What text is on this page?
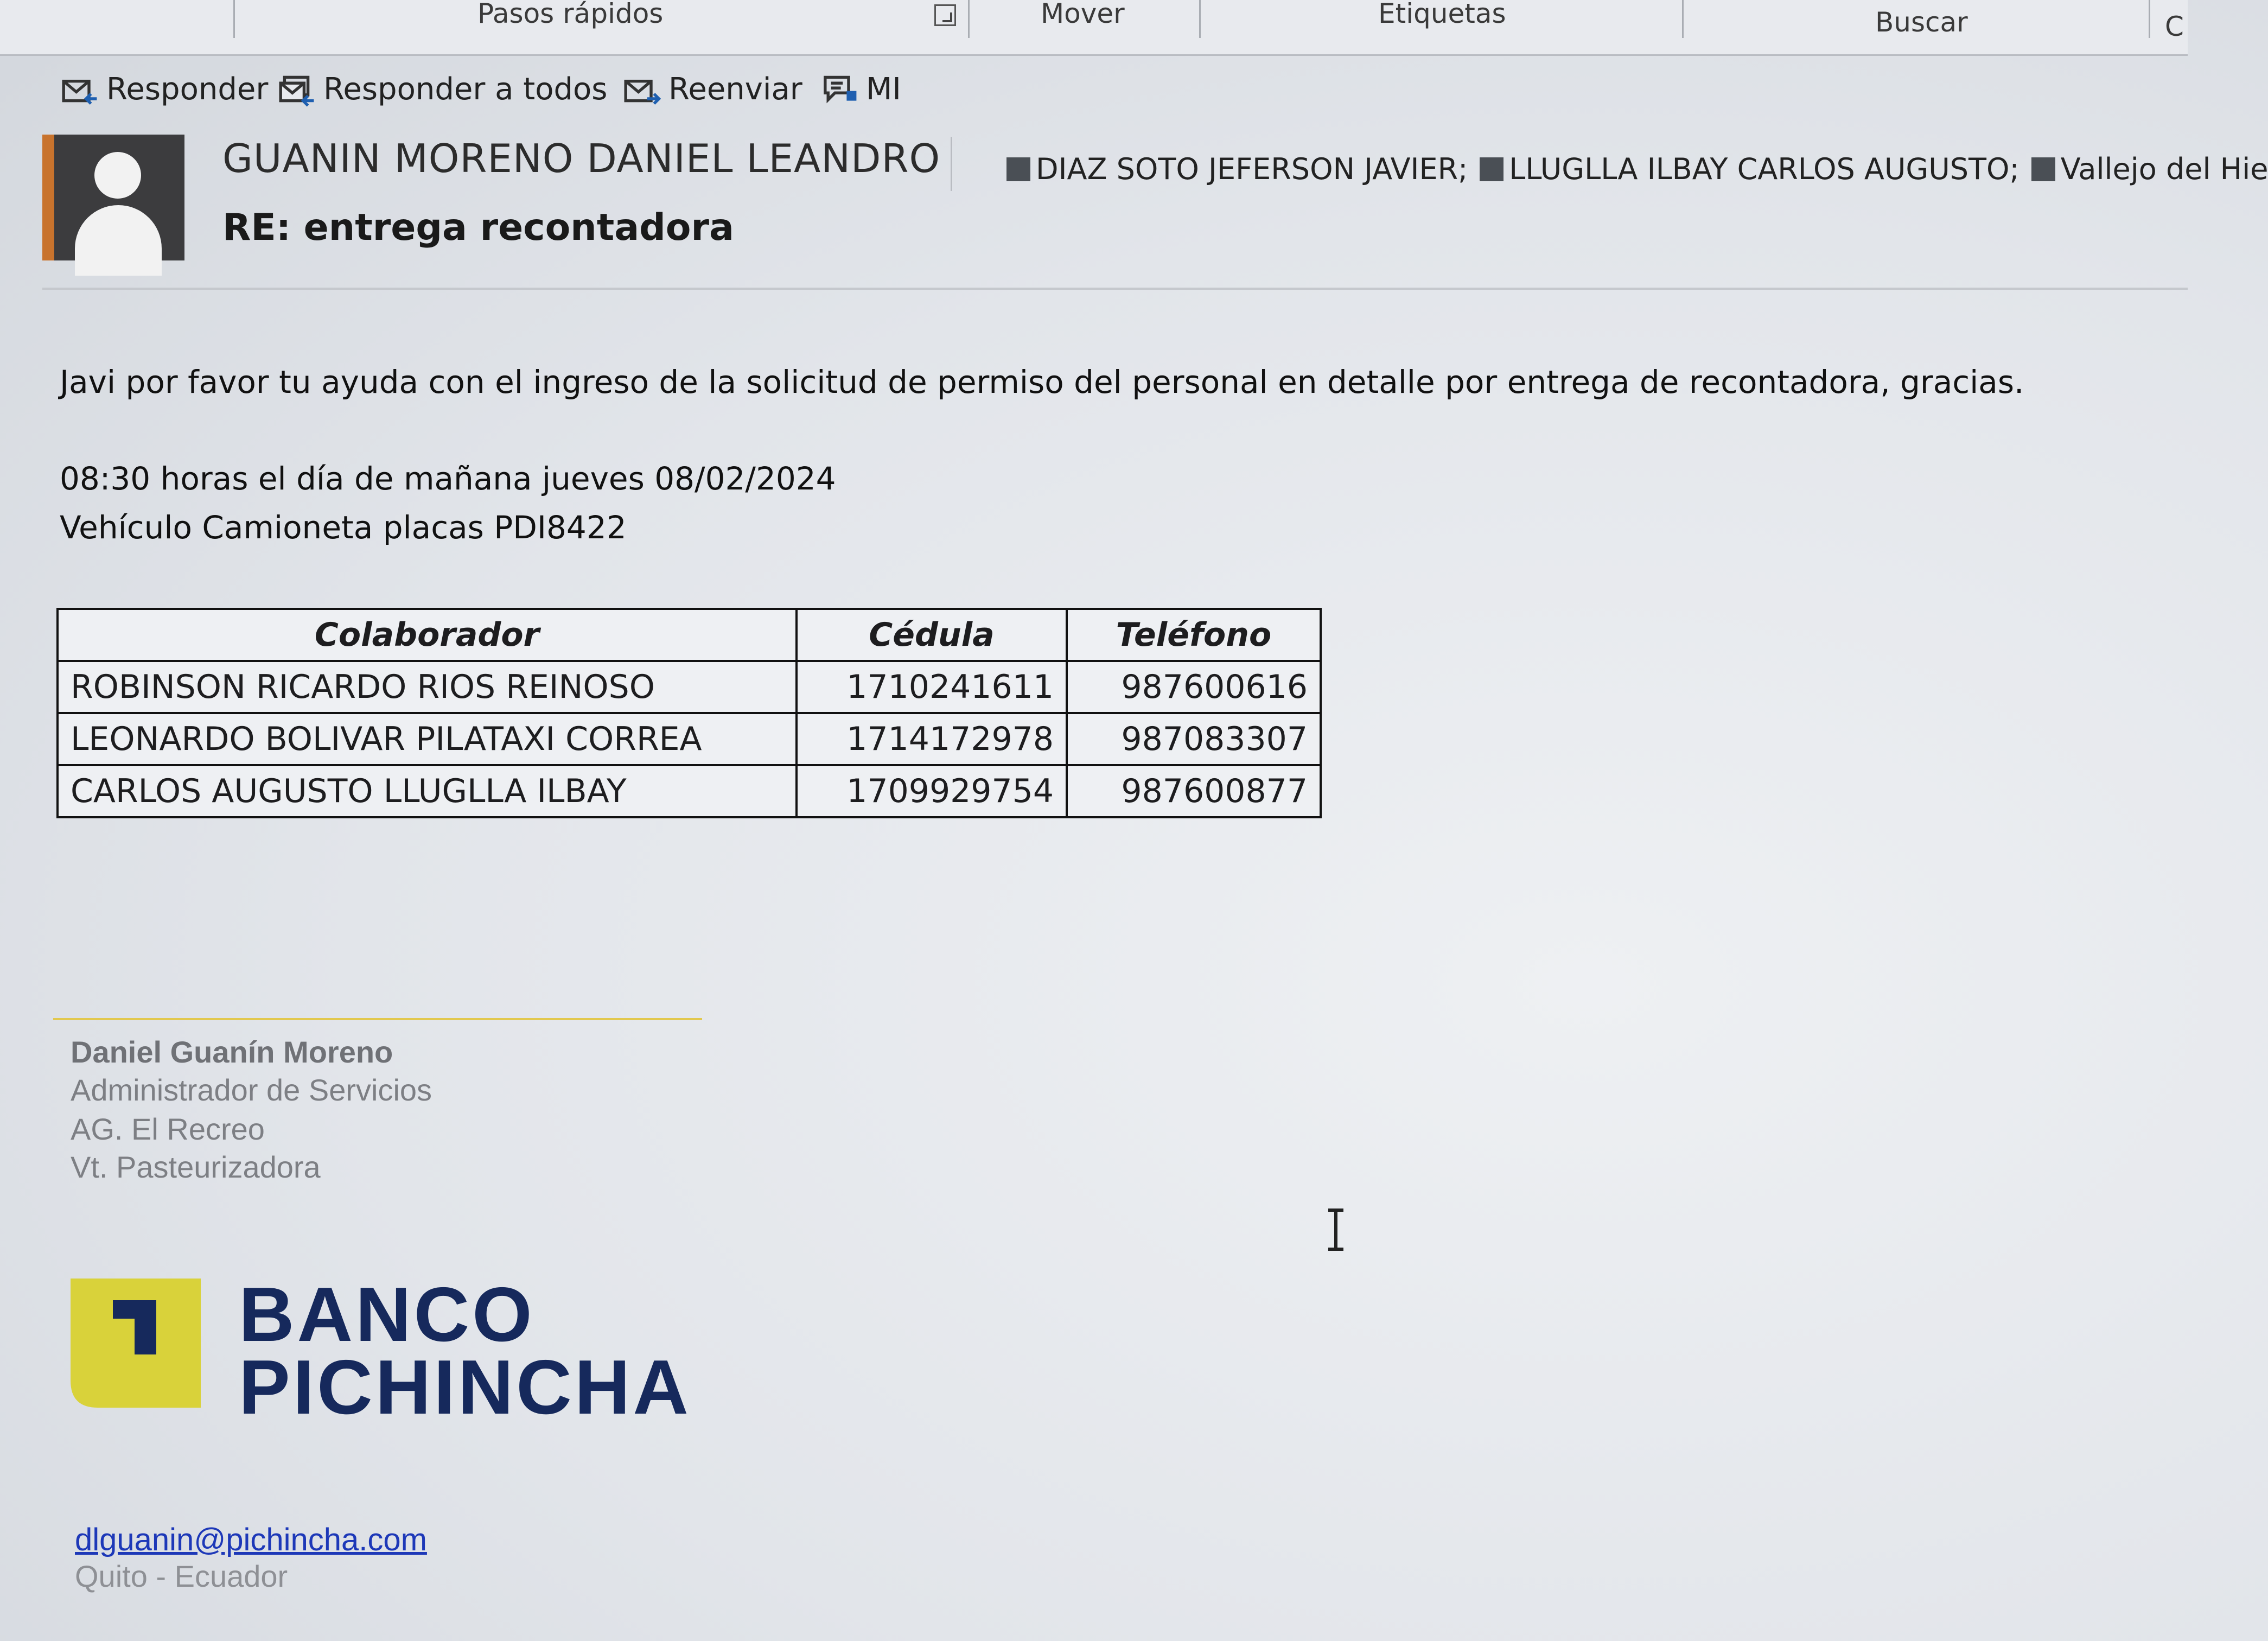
Pasos rápidos	Mover	Etiquetas	Buscar	C
Responder Responder a todos Reenviar MI
GUANIN MORENO DANIEL LEANDRO
RE: entrega recontadora
DIAZ SOTO JEFERSON JAVIER; LLUGLLA ILBAY CARLOS AUGUSTO; Vallejo del Hie
Javi por favor tu ayuda con el ingreso de la solicitud de permiso del personal en detalle por entrega de recontadora, gracias.
08:30 horas el día de mañana jueves 08/02/2024
Vehículo Camioneta placas PDI8422
Colaborador	Cédula	Teléfono
ROBINSON RICARDO RIOS REINOSO	1710241611	987600616
LEONARDO BOLIVAR PILATAXI CORREA	1714172978	987083307
CARLOS AUGUSTO LLUGLLA ILBAY	1709929754	987600877
Daniel Guanín Moreno
Administrador de Servicios
AG. El Recreo
Vt. Pasteurizadora
BANCO
PICHINCHA
dlguanin@pichincha.com
Quito - Ecuador
